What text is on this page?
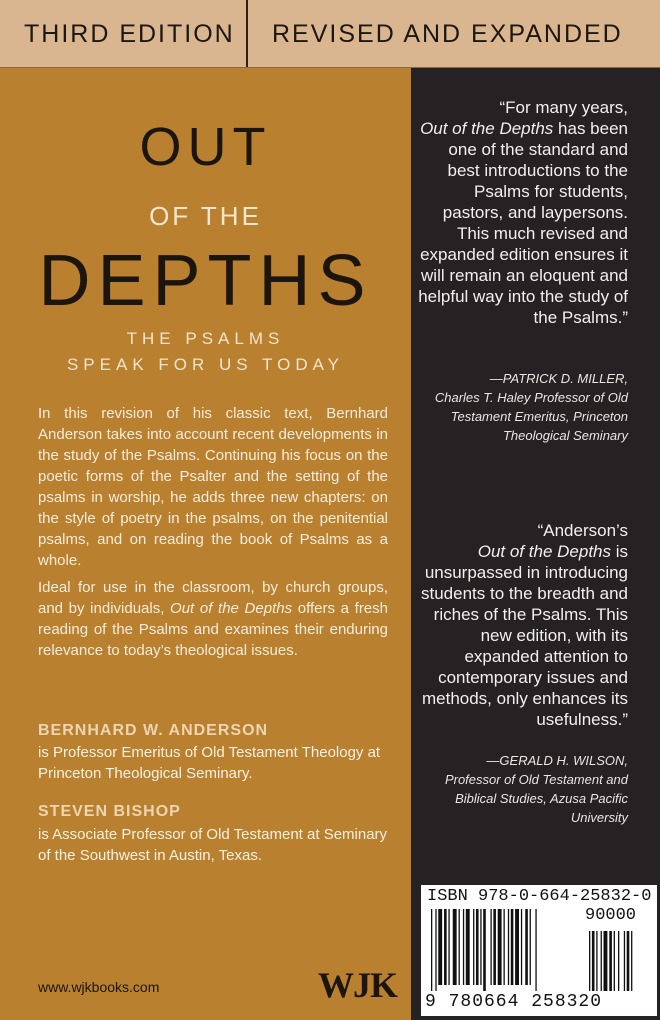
THIRD EDITION REVISED AND EXPANDED
OUT
OF THE
DEPTHS
THE PSALMS
SPEAK FOR US TODAY
In this revision of his classic text, Bernhard Anderson takes into account recent developments in the study of the Psalms. Continuing his focus on the poetic forms of the Psalter and the setting of the psalms in worship, he adds three new chapters: on the style of poetry in the psalms, on the penitential psalms, and on reading the book of Psalms as a whole.
Ideal for use in the classroom, by church groups, and by individuals, Out of the Depths offers a fresh reading of the Psalms and examines their enduring relevance to today’s theological issues.
BERNHARD W. ANDERSON
is Professor Emeritus of Old Testament Theology at Princeton Theological Seminary.
STEVEN BISHOP
is Associate Professor of Old Testament at Seminary of the Southwest in Austin, Texas.
www.wjkbooks.com	WJK
“For many years,
Out of the Depths has been one of the standard and best introductions to the Psalms for students, pastors, and laypersons. This much revised and expanded edition ensures it will remain an eloquent and helpful way into the study of the Psalms.”
—PATRICK D. MILLER,
Charles T. Haley Professor of Old Testament Emeritus, Princeton Theological Seminary
“Anderson’s
Out of the Depths is unsurpassed in introducing students to the breadth and riches of the Psalms. This new edition, with its expanded attention to contemporary issues and methods, only enhances its usefulness.”
—GERALD H. WILSON,
Professor of Old Testament and Biblical Studies, Azusa Pacific University
ISBN 978-0-664-25832-0
90000
9 780664 258320
